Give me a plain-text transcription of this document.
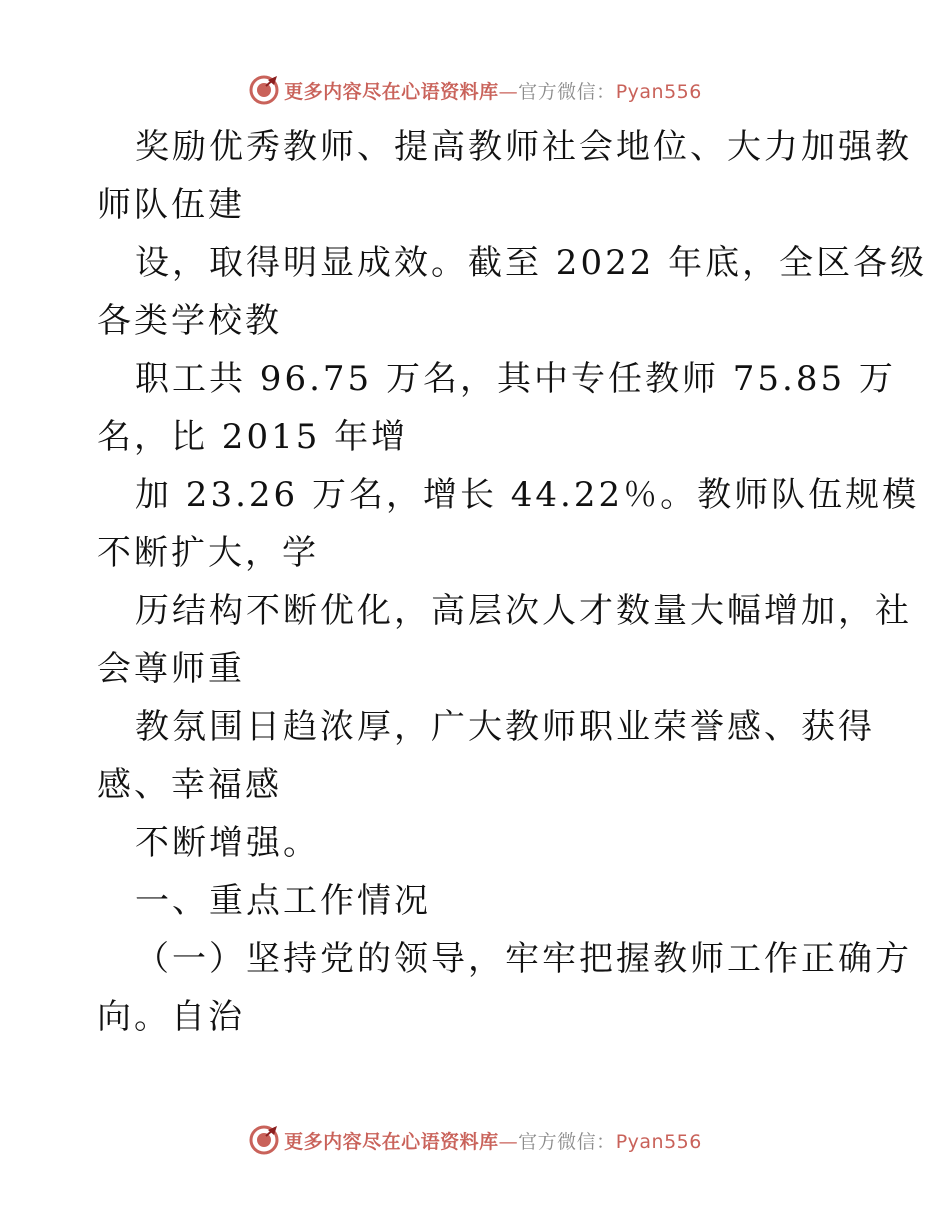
更多内容尽在心语资料库—官方微信：Pyan556
奖励优秀教师、提高教师社会地位、大力加强教
师队伍建
设，取得明显成效。截至 2022 年底，全区各级
各类学校教
职工共 96.75 万名，其中专任教师 75.85 万
名，比 2015 年增
加 23.26 万名，增长 44.22％。教师队伍规模
不断扩大，学
历结构不断优化，高层次人才数量大幅增加，社
会尊师重
教氛围日趋浓厚，广大教师职业荣誉感、获得
感、幸福感
不断增强。
一、重点工作情况
（一）坚持党的领导，牢牢把握教师工作正确方
向。自治
更多内容尽在心语资料库—官方微信：Pyan556
